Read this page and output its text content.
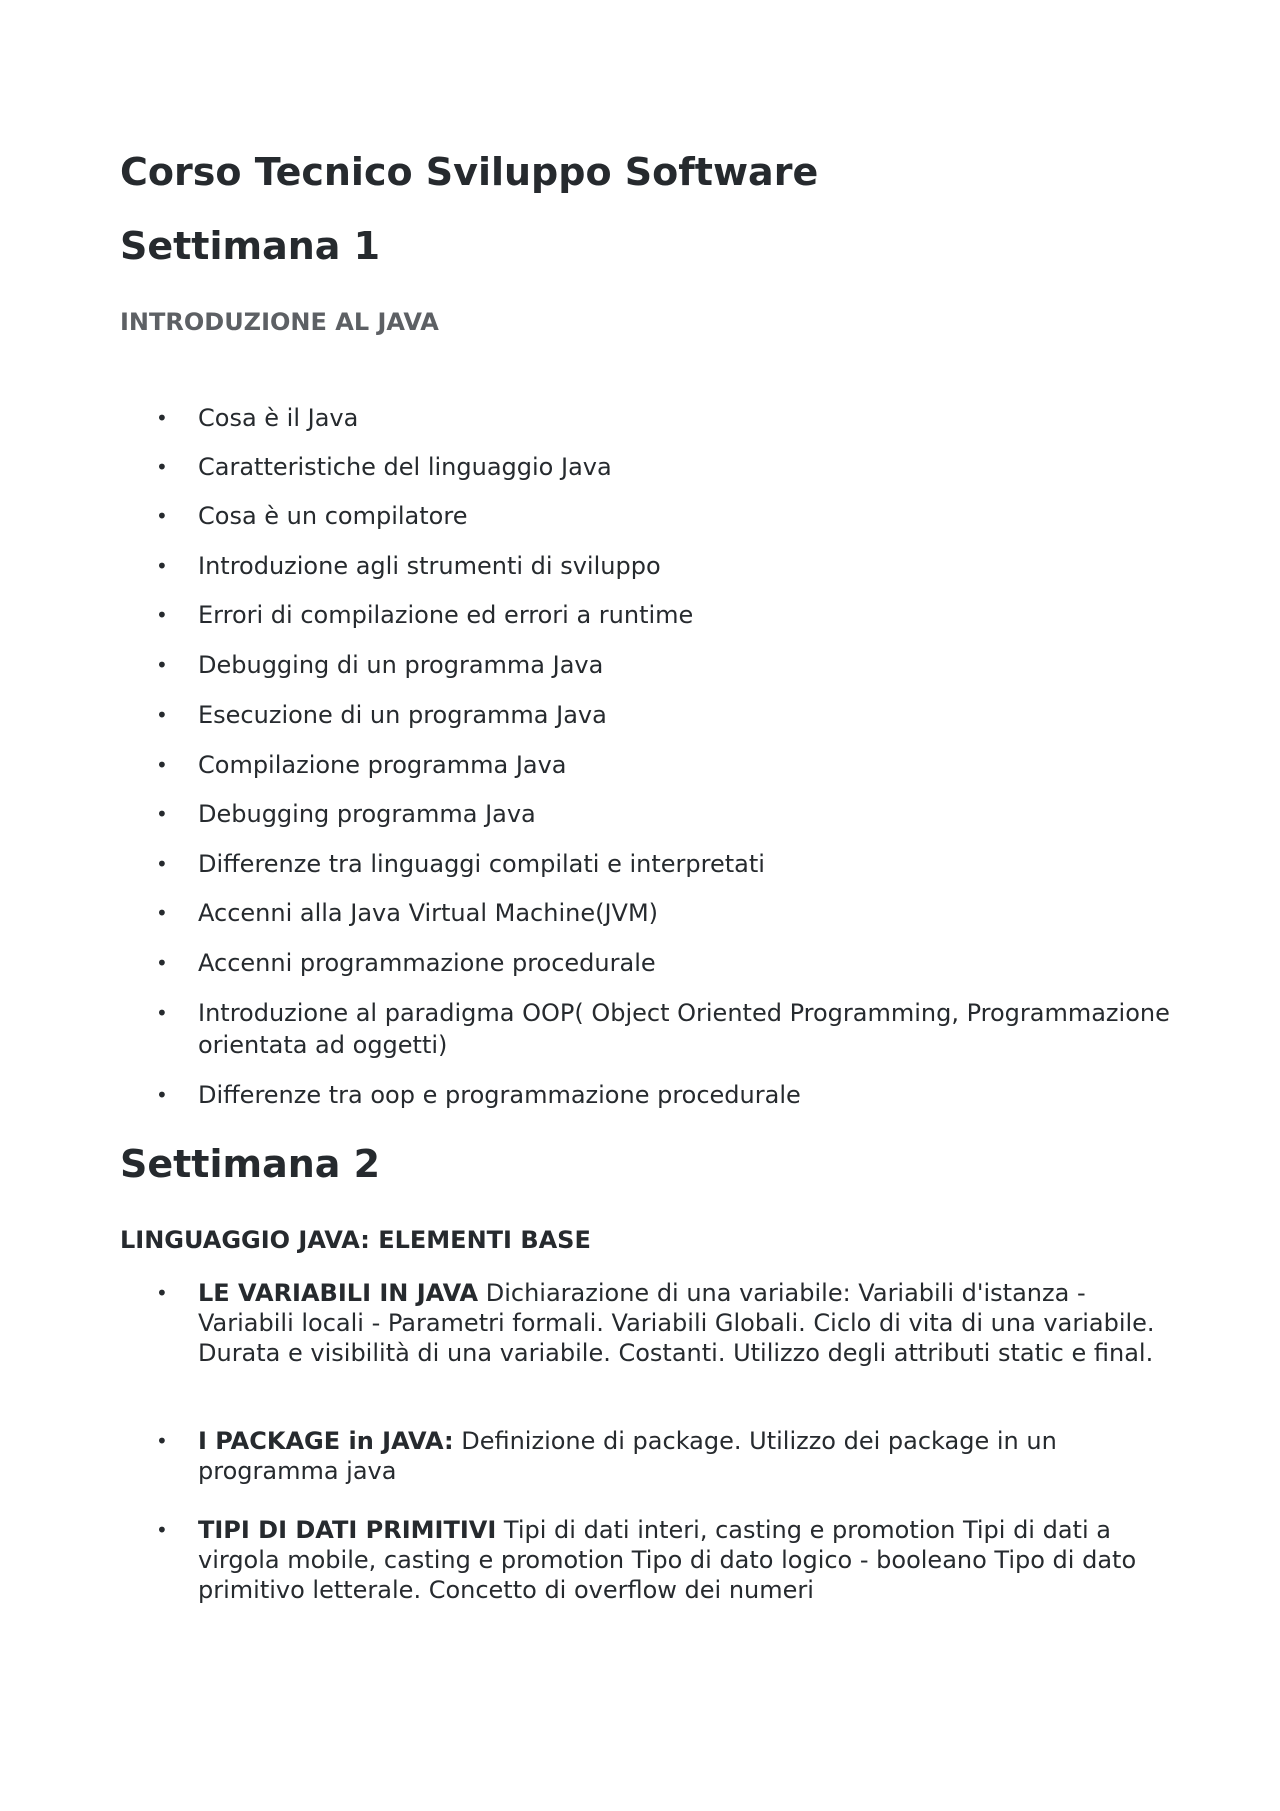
Corso Tecnico Sviluppo Software
Settimana 1
INTRODUZIONE AL JAVA
• Cosa è il Java
• Caratteristiche del linguaggio Java
• Cosa è un compilatore
• Introduzione agli strumenti di sviluppo
• Errori di compilazione ed errori a runtime
• Debugging di un programma Java
• Esecuzione di un programma Java
• Compilazione programma Java
• Debugging programma Java
• Differenze tra linguaggi compilati e interpretati
• Accenni alla Java Virtual Machine(JVM)
• Accenni programmazione procedurale
• Introduzione al paradigma OOP( Object Oriented Programming, Programmazione orientata ad oggetti)
• Differenze tra oop e programmazione procedurale
Settimana 2
LINGUAGGIO JAVA: ELEMENTI BASE
• LE VARIABILI IN JAVA Dichiarazione di una variabile: Variabili d'istanza - Variabili locali - Parametri formali. Variabili Globali. Ciclo di vita di una variabile. Durata e visibilità di una variabile. Costanti. Utilizzo degli attributi static e final.
• I PACKAGE in JAVA: Definizione di package. Utilizzo dei package in un programma java
• TIPI DI DATI PRIMITIVI Tipi di dati interi, casting e promotion Tipi di dati a virgola mobile, casting e promotion Tipo di dato logico - booleano Tipo di dato primitivo letterale. Concetto di overflow dei numeri
